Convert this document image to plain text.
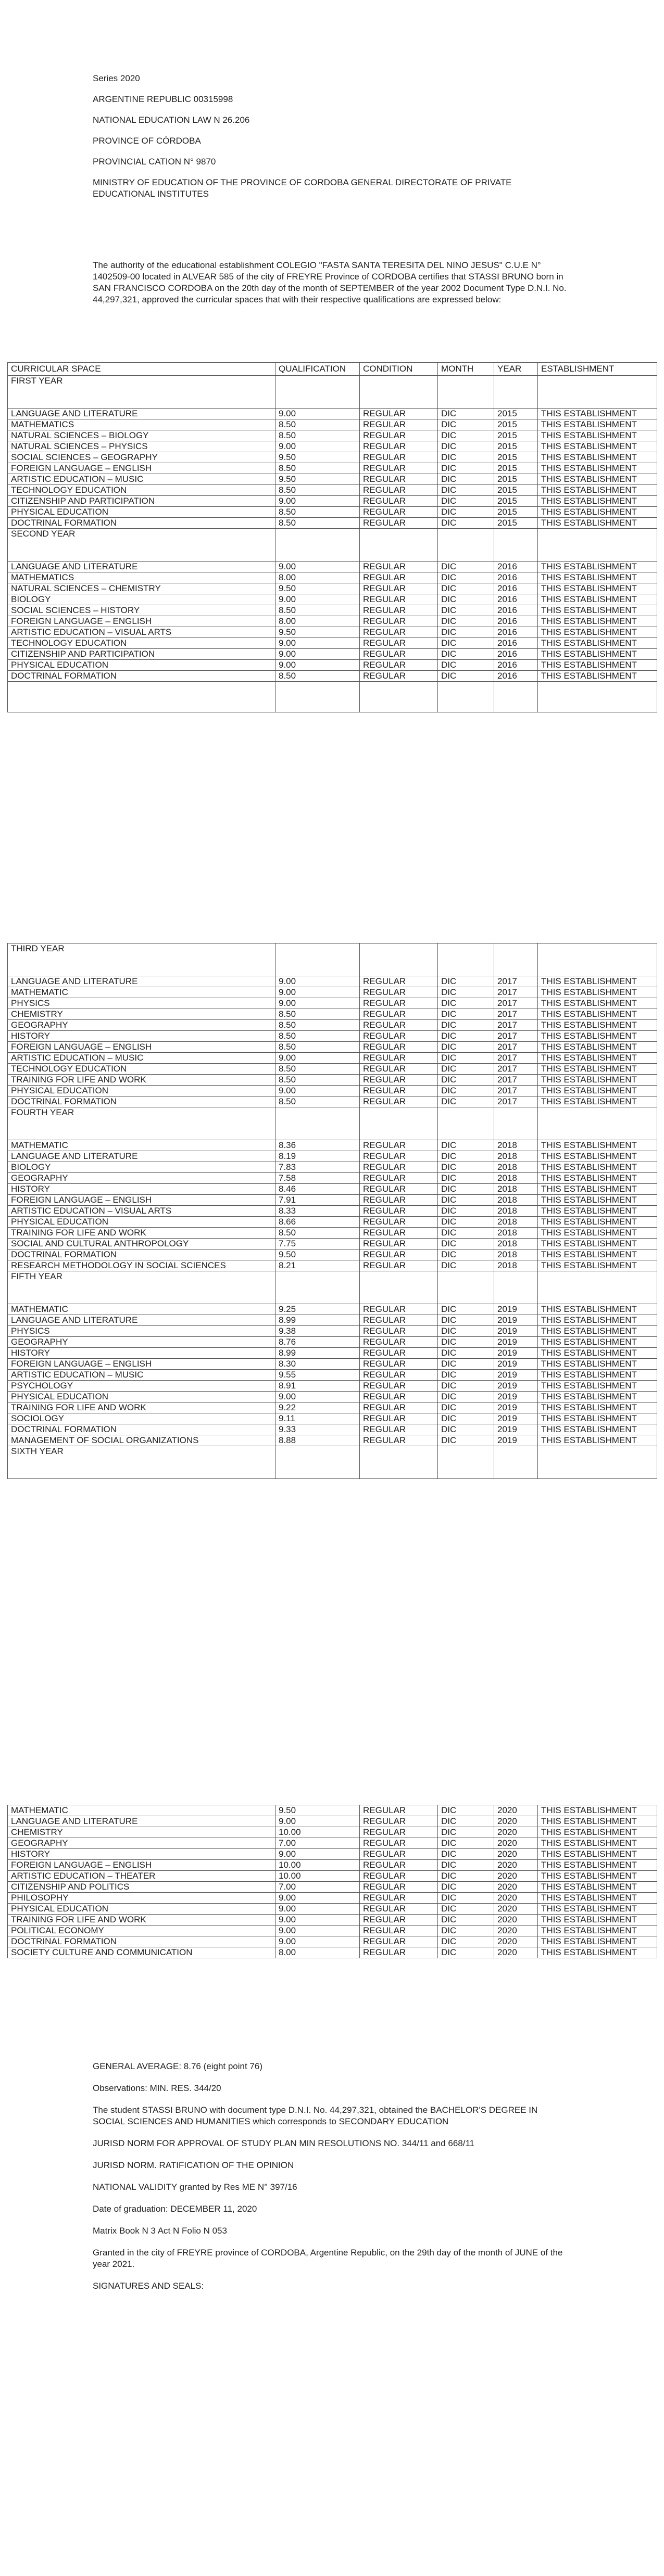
Series 2020

ARGENTINE REPUBLIC 00315998

NATIONAL EDUCATION LAW N 26.206

PROVINCE OF CÓRDOBA

PROVINCIAL CATION N° 9870

MINISTRY OF EDUCATION OF THE PROVINCE OF CORDOBA GENERAL DIRECTORATE OF PRIVATE EDUCATIONAL INSTITUTES

The authority of the educational establishment COLEGIO "FASTA SANTA TERESITA DEL NINO JESUS" C.U.E N° 1402509-00 located in ALVEAR 585 of the city of FREYRE Province of CORDOBA certifies that STASSI BRUNO born in SAN FRANCISCO CORDOBA on the 20th day of the month of SEPTEMBER of the year 2002 Document Type D.N.I. No. 44,297,321, approved the curricular spaces that with their respective qualifications are expressed below:

CURRICULAR SPACE	QUALIFICATION	CONDITION	MONTH	YEAR	ESTABLISHMENT
FIRST YEAR					
LANGUAGE AND LITERATURE	9.00	REGULAR	DIC	2015	THIS ESTABLISHMENT
MATHEMATICS	8.50	REGULAR	DIC	2015	THIS ESTABLISHMENT
NATURAL SCIENCES – BIOLOGY	8.50	REGULAR	DIC	2015	THIS ESTABLISHMENT
NATURAL SCIENCES – PHYSICS	9.00	REGULAR	DIC	2015	THIS ESTABLISHMENT
SOCIAL SCIENCES – GEOGRAPHY	9.50	REGULAR	DIC	2015	THIS ESTABLISHMENT
FOREIGN LANGUAGE – ENGLISH	8.50	REGULAR	DIC	2015	THIS ESTABLISHMENT
ARTISTIC EDUCATION – MUSIC	9.50	REGULAR	DIC	2015	THIS ESTABLISHMENT
TECHNOLOGY EDUCATION	8.50	REGULAR	DIC	2015	THIS ESTABLISHMENT
CITIZENSHIP AND PARTICIPATION	9.00	REGULAR	DIC	2015	THIS ESTABLISHMENT
PHYSICAL EDUCATION	8.50	REGULAR	DIC	2015	THIS ESTABLISHMENT
DOCTRINAL FORMATION	8.50	REGULAR	DIC	2015	THIS ESTABLISHMENT
SECOND YEAR					
LANGUAGE AND LITERATURE	9.00	REGULAR	DIC	2016	THIS ESTABLISHMENT
MATHEMATICS	8.00	REGULAR	DIC	2016	THIS ESTABLISHMENT
NATURAL SCIENCES – CHEMISTRY	9.50	REGULAR	DIC	2016	THIS ESTABLISHMENT
BIOLOGY	9.00	REGULAR	DIC	2016	THIS ESTABLISHMENT
SOCIAL SCIENCES – HISTORY	8.50	REGULAR	DIC	2016	THIS ESTABLISHMENT
FOREIGN LANGUAGE – ENGLISH	8.00	REGULAR	DIC	2016	THIS ESTABLISHMENT
ARTISTIC EDUCATION – VISUAL ARTS	9.50	REGULAR	DIC	2016	THIS ESTABLISHMENT
TECHNOLOGY EDUCATION	9.00	REGULAR	DIC	2016	THIS ESTABLISHMENT
CITIZENSHIP AND PARTICIPATION	9.00	REGULAR	DIC	2016	THIS ESTABLISHMENT
PHYSICAL EDUCATION	9.00	REGULAR	DIC	2016	THIS ESTABLISHMENT
DOCTRINAL FORMATION	8.50	REGULAR	DIC	2016	THIS ESTABLISHMENT

THIRD YEAR					
LANGUAGE AND LITERATURE	9.00	REGULAR	DIC	2017	THIS ESTABLISHMENT
MATHEMATIC	9.00	REGULAR	DIC	2017	THIS ESTABLISHMENT
PHYSICS	9.00	REGULAR	DIC	2017	THIS ESTABLISHMENT
CHEMISTRY	8.50	REGULAR	DIC	2017	THIS ESTABLISHMENT
GEOGRAPHY	8.50	REGULAR	DIC	2017	THIS ESTABLISHMENT
HISTORY	8.50	REGULAR	DIC	2017	THIS ESTABLISHMENT
FOREIGN LANGUAGE – ENGLISH	8.50	REGULAR	DIC	2017	THIS ESTABLISHMENT
ARTISTIC EDUCATION – MUSIC	9.00	REGULAR	DIC	2017	THIS ESTABLISHMENT
TECHNOLOGY EDUCATION	8.50	REGULAR	DIC	2017	THIS ESTABLISHMENT
TRAINING FOR LIFE AND WORK	8.50	REGULAR	DIC	2017	THIS ESTABLISHMENT
PHYSICAL EDUCATION	9.00	REGULAR	DIC	2017	THIS ESTABLISHMENT
DOCTRINAL FORMATION	8.50	REGULAR	DIC	2017	THIS ESTABLISHMENT
FOURTH YEAR					
MATHEMATIC	8.36	REGULAR	DIC	2018	THIS ESTABLISHMENT
LANGUAGE AND LITERATURE	8.19	REGULAR	DIC	2018	THIS ESTABLISHMENT
BIOLOGY	7.83	REGULAR	DIC	2018	THIS ESTABLISHMENT
GEOGRAPHY	7.58	REGULAR	DIC	2018	THIS ESTABLISHMENT
HISTORY	8.46	REGULAR	DIC	2018	THIS ESTABLISHMENT
FOREIGN LANGUAGE – ENGLISH	7.91	REGULAR	DIC	2018	THIS ESTABLISHMENT
ARTISTIC EDUCATION – VISUAL ARTS	8.33	REGULAR	DIC	2018	THIS ESTABLISHMENT
PHYSICAL EDUCATION	8.66	REGULAR	DIC	2018	THIS ESTABLISHMENT
TRAINING FOR LIFE AND WORK	8.50	REGULAR	DIC	2018	THIS ESTABLISHMENT
SOCIAL AND CULTURAL ANTHROPOLOGY	7.75	REGULAR	DIC	2018	THIS ESTABLISHMENT
DOCTRINAL FORMATION	9.50	REGULAR	DIC	2018	THIS ESTABLISHMENT
RESEARCH METHODOLOGY IN SOCIAL SCIENCES	8.21	REGULAR	DIC	2018	THIS ESTABLISHMENT
FIFTH YEAR					
MATHEMATIC	9.25	REGULAR	DIC	2019	THIS ESTABLISHMENT
LANGUAGE AND LITERATURE	8.99	REGULAR	DIC	2019	THIS ESTABLISHMENT
PHYSICS	9.38	REGULAR	DIC	2019	THIS ESTABLISHMENT
GEOGRAPHY	8.76	REGULAR	DIC	2019	THIS ESTABLISHMENT
HISTORY	8.99	REGULAR	DIC	2019	THIS ESTABLISHMENT
FOREIGN LANGUAGE – ENGLISH	8.30	REGULAR	DIC	2019	THIS ESTABLISHMENT
ARTISTIC EDUCATION – MUSIC	9.55	REGULAR	DIC	2019	THIS ESTABLISHMENT
PSYCHOLOGY	8.91	REGULAR	DIC	2019	THIS ESTABLISHMENT
PHYSICAL EDUCATION	9.00	REGULAR	DIC	2019	THIS ESTABLISHMENT
TRAINING FOR LIFE AND WORK	9.22	REGULAR	DIC	2019	THIS ESTABLISHMENT
SOCIOLOGY	9.11	REGULAR	DIC	2019	THIS ESTABLISHMENT
DOCTRINAL FORMATION	9.33	REGULAR	DIC	2019	THIS ESTABLISHMENT
MANAGEMENT OF SOCIAL ORGANIZATIONS	8.88	REGULAR	DIC	2019	THIS ESTABLISHMENT
SIXTH YEAR					
MATHEMATIC	9.50	REGULAR	DIC	2020	THIS ESTABLISHMENT
LANGUAGE AND LITERATURE	9.00	REGULAR	DIC	2020	THIS ESTABLISHMENT
CHEMISTRY	10.00	REGULAR	DIC	2020	THIS ESTABLISHMENT
GEOGRAPHY	7.00	REGULAR	DIC	2020	THIS ESTABLISHMENT
HISTORY	9.00	REGULAR	DIC	2020	THIS ESTABLISHMENT
FOREIGN LANGUAGE – ENGLISH	10.00	REGULAR	DIC	2020	THIS ESTABLISHMENT
ARTISTIC EDUCATION – THEATER	10.00	REGULAR	DIC	2020	THIS ESTABLISHMENT
CITIZENSHIP AND POLITICS	7.00	REGULAR	DIC	2020	THIS ESTABLISHMENT
PHILOSOPHY	9.00	REGULAR	DIC	2020	THIS ESTABLISHMENT
PHYSICAL EDUCATION	9.00	REGULAR	DIC	2020	THIS ESTABLISHMENT
TRAINING FOR LIFE AND WORK	9.00	REGULAR	DIC	2020	THIS ESTABLISHMENT
POLITICAL ECONOMY	9.00	REGULAR	DIC	2020	THIS ESTABLISHMENT
DOCTRINAL FORMATION	9.00	REGULAR	DIC	2020	THIS ESTABLISHMENT
SOCIETY CULTURE AND COMMUNICATION	8.00	REGULAR	DIC	2020	THIS ESTABLISHMENT

GENERAL AVERAGE: 8.76 (eight point 76)

Observations: MIN. RES. 344/20

The student STASSI BRUNO with document type D.N.I. No. 44,297,321, obtained the BACHELOR'S DEGREE IN SOCIAL SCIENCES AND HUMANITIES which corresponds to SECONDARY EDUCATION

JURISD NORM FOR APPROVAL OF STUDY PLAN MIN RESOLUTIONS NO. 344/11 and 668/11

JURISD NORM. RATIFICATION OF THE OPINION

NATIONAL VALIDITY granted by Res ME N° 397/16

Date of graduation: DECEMBER 11, 2020

Matrix Book N 3 Act N Folio N 053

Granted in the city of FREYRE province of CORDOBA, Argentine Republic, on the 29th day of the month of JUNE of the year 2021.

SIGNATURES AND SEALS:
